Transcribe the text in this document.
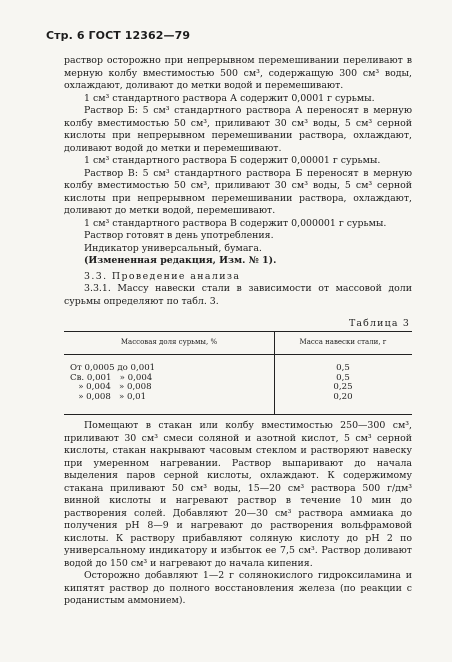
Стр. 6 ГОСТ 12362—79

раствор осторожно при непрерывном перемешивании переливают в мерную колбу вместимостью 500 см³, содержащую 300 см³ воды, охлаждают, доливают до метки водой и перемешивают.

1 см³ стандартного раствора А содержит 0,0001 г сурьмы.

Раствор Б: 5 см³ стандартного раствора А переносят в мерную колбу вместимостью 50 см³, приливают 30 см³ воды, 5 см³ серной кислоты при непрерывном перемешивании раствора, охлаждают, доливают водой до метки и перемешивают.

1 см³ стандартного раствора Б содержит 0,00001 г сурьмы.

Раствор В: 5 см³ стандартного раствора Б переносят в мерную колбу вместимостью 50 см³, приливают 30 см³ воды, 5 см³ серной кислоты при непрерывном перемешивании раствора, охлаждают, доливают до метки водой, перемешивают.

1 см³ стандартного раствора В содержит 0,000001 г сурьмы.

Раствор готовят в день употребления.

Индикатор универсальный, бумага.

(Измененная редакция, Изм. № 1).

3.3. Проведение анализа

3.3.1. Массу навески стали в зависимости от массовой доли сурьмы определяют по табл. 3.

Таблица 3
Массовая доля сурьмы, %	Масса навески стали, г
От 0,0005 до 0,001
Св. 0,001   » 0,004
» 0,004   » 0,008
» 0,008   » 0,01
0,5
0,5
0,25
0,20

Помещают в стакан или колбу вместимостью 250—300 см³, приливают 30 см³ смеси соляной и азотной кислот, 5 см³ серной кислоты, стакан накрывают часовым стеклом и растворяют навеску при умеренном нагревании. Раствор выпаривают до начала выделения паров серной кислоты, охлаждают. К содержимому стакана приливают 50 см³ воды, 15—20 см³ раствора 500 г/дм³ винной кислоты и нагревают раствор в течение 10 мин до растворения солей. Добавляют 20—30 см³ раствора аммиака до получения рН 8—9 и нагревают до растворения вольфрамовой кислоты. К раствору прибавляют соляную кислоту до рН 2 по универсальному индикатору и избыток ее 7,5 см³. Раствор доливают водой до 150 см³ и нагревают до начала кипения.

Осторожно добавляют 1—2 г солянокислого гидроксиламина и кипятят раствор до полного восстановления железа (по реакции с роданистым аммонием).
